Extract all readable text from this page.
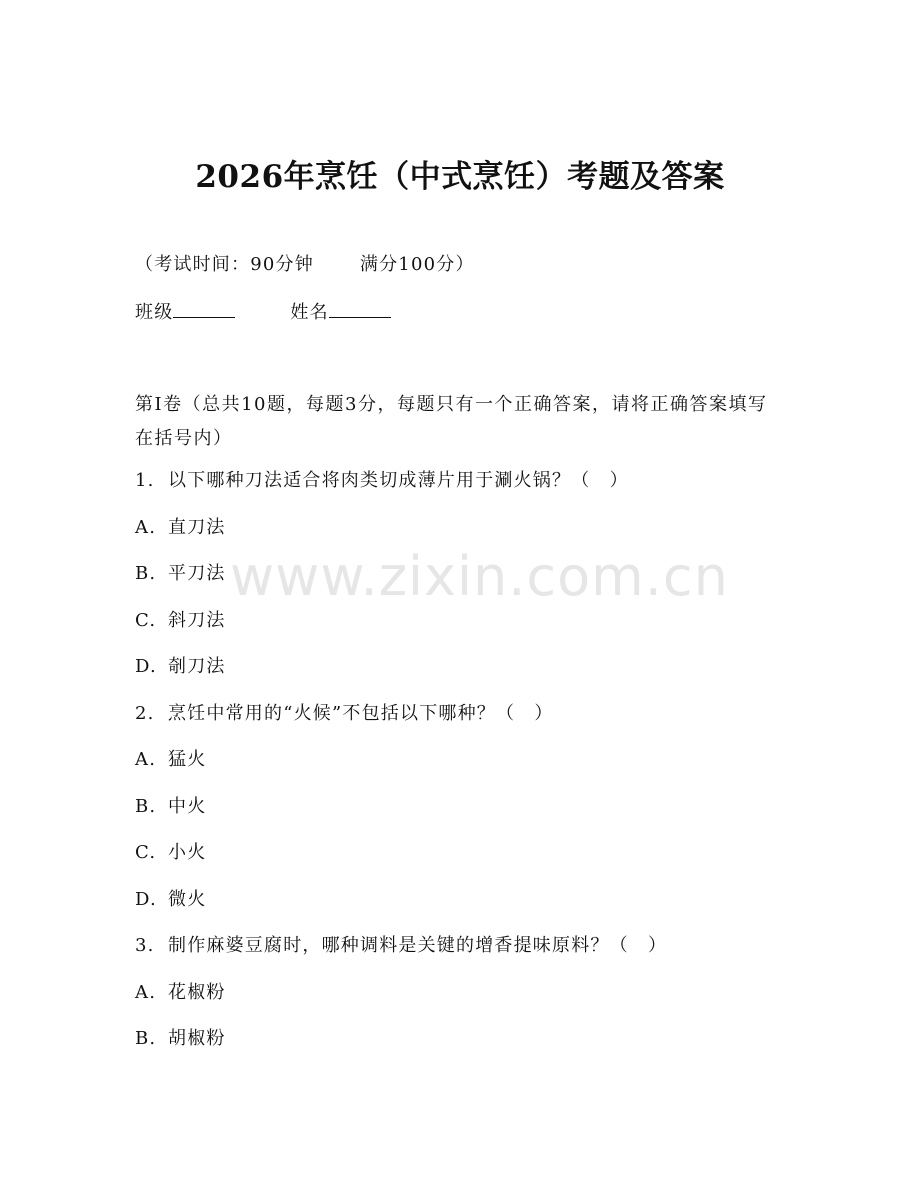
2026年烹饪（中式烹饪）考题及答案
（考试时间：90分钟	满分100分）
班级	姓名
第I卷（总共10题，每题3分，每题只有一个正确答案，请将正确答案填写在括号内）
1. 以下哪种刀法适合将肉类切成薄片用于涮火锅？（　）
A. 直刀法
B. 平刀法
C. 斜刀法
D. 剞刀法
2. 烹饪中常用的“火候”不包括以下哪种？（　）
A. 猛火
B. 中火
C. 小火
D. 微火
3. 制作麻婆豆腐时，哪种调料是关键的增香提味原料？（　）
A. 花椒粉
B. 胡椒粉
www.zixin.com.cn
